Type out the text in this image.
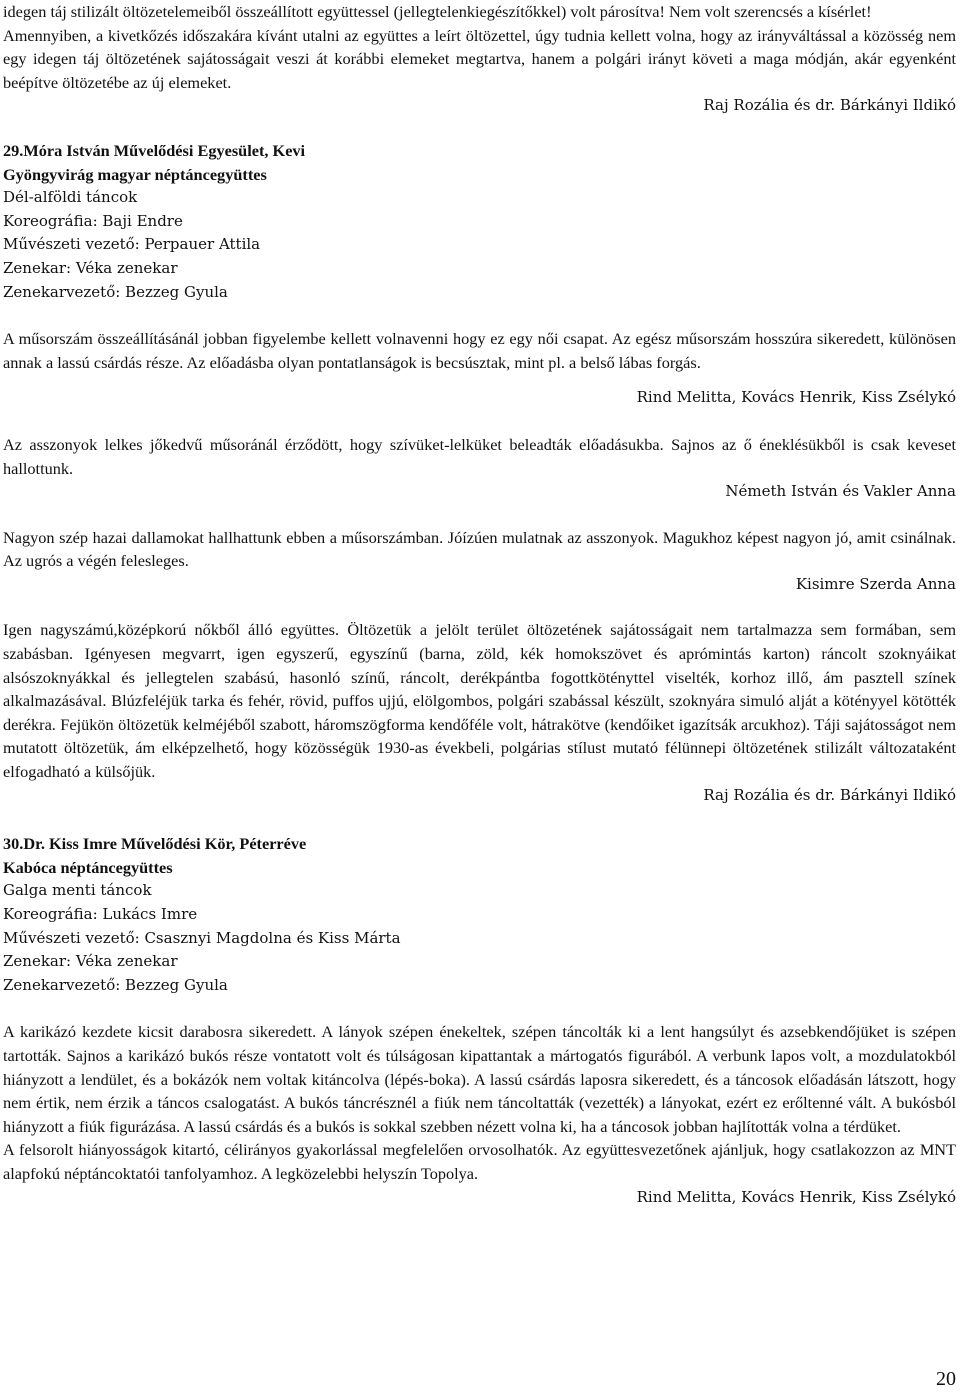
idegen táj stilizált öltözetelemeiből összeállított együttessel (jellegtelenkiegészítőkkel) volt párosítva! Nem volt szerencsés a kísérlet!

Amennyiben, a kivetkőzés időszakára kívánt utalni az együttes a leírt öltözettel, úgy tudnia kellett volna, hogy az irányváltással a közösség nem egy idegen táj öltözetének sajátosságait veszi át korábbi elemeket megtartva, hanem a polgári irányt követi a maga módján, akár egyenként beépítve öltözetébe az új elemeket.

Raj Rozália és dr. Bárkányi Ildikó

29.Móra István Művelődési Egyesület, Kevi

Gyöngyvirág magyar néptáncegyüttes

Dél-alföldi táncok

Koreográfia: Baji Endre

Művészeti vezető: Perpauer Attila

Zenekar: Véka zenekar

Zenekarvezető: Bezzeg Gyula

A műsorszám összeállításánál jobban figyelembe kellett volnavenni hogy ez egy női csapat. Az egész műsorszám hosszúra sikeredett, különösen annak a lassú csárdás része. Az előadásba olyan pontatlanságok is becsúsztak, mint pl. a belső lábas forgás.

Rind Melitta, Kovács Henrik, Kiss Zsélykó

Az asszonyok lelkes jőkedvű műsoránál érződött, hogy szívüket-lelküket beleadták előadásukba. Sajnos az ő éneklésükből is csak keveset hallottunk.

Németh István és Vakler Anna

Nagyon szép hazai dallamokat hallhattunk ebben a műsorszámban. Jóízúen mulatnak az asszonyok. Magukhoz képest nagyon jó, amit csinálnak. Az ugrós a végén felesleges.

Kisimre Szerda Anna

Igen nagyszámú,középkorú nőkből álló együttes. Öltözetük a jelölt terület öltözetének sajátosságait nem tartalmazza sem formában, sem szabásban. Igényesen megvarrt, igen egyszerű, egyszínű (barna, zöld, kék homokszövet és aprómintás karton) ráncolt szoknyáikat alsószoknyákkal és jellegtelen szabású, hasonló színű, ráncolt, derékpántba fogottkötényttel viselték, korhoz illő, ám pasztell színek alkalmazásával. Blúzfeléjük tarka és fehér, rövid, puffos ujjú, elölgombos, polgári szabással készült, szoknyára simuló alját a kötényyel kötötték derékra. Fejükön öltözetük kelméjéből szabott, háromszögforma kendőféle volt, hátrakötve (kendőiket igazítsák arcukhoz). Táji sajátosságot nem mutatott öltözetük, ám elképzelhető, hogy közösségük 1930-as évekbeli, polgárias stílust mutató félünnepi öltözetének stilizált változataként elfogadható a külsőjük.

Raj Rozália és dr. Bárkányi Ildikó

30.Dr. Kiss Imre Művelődési Kör, Péterréve

Kabóca néptáncegyüttes

Galga menti táncok

Koreográfia: Lukács Imre

Művészeti vezető: Csasznyi Magdolna és Kiss Márta

Zenekar: Véka zenekar

Zenekarvezető: Bezzeg Gyula

A karikázó kezdete kicsit darabosra sikeredett. A lányok szépen énekeltek, szépen táncolták ki a lent hangsúlyt és azsebkendőjüket is szépen tartották. Sajnos a karikázó bukós része vontatott volt és túlságosan kipattantak a mártogatós figurából. A verbunk lapos volt, a mozdulatokból hiányzott a lendület, és a bokázók nem voltak kitáncolva (lépés-boka). A lassú csárdás laposra sikeredett, és a táncosok előadásán látszott, hogy nem értik, nem érzik a táncos csalogatást. A bukós táncrésznél a fiúk nem táncoltatták (vezették) a lányokat, ezért ez erőltenné vált. A bukósból hiányzott a fiúk figurázása. A lassú csárdás és a bukós is sokkal szebben nézett volna ki, ha a táncosok jobban hajlították volna a térdüket.

A felsorolt hiányosságok kitartó, célirányos gyakorlással megfelelően orvosolhatók. Az együttesvezetőnek ajánljuk, hogy csatlakozzon az MNT alapfokú néptáncoktatói tanfolyamhoz. A legközelebbi helyszín Topolya.

Rind Melitta, Kovács Henrik, Kiss Zsélykó

20
